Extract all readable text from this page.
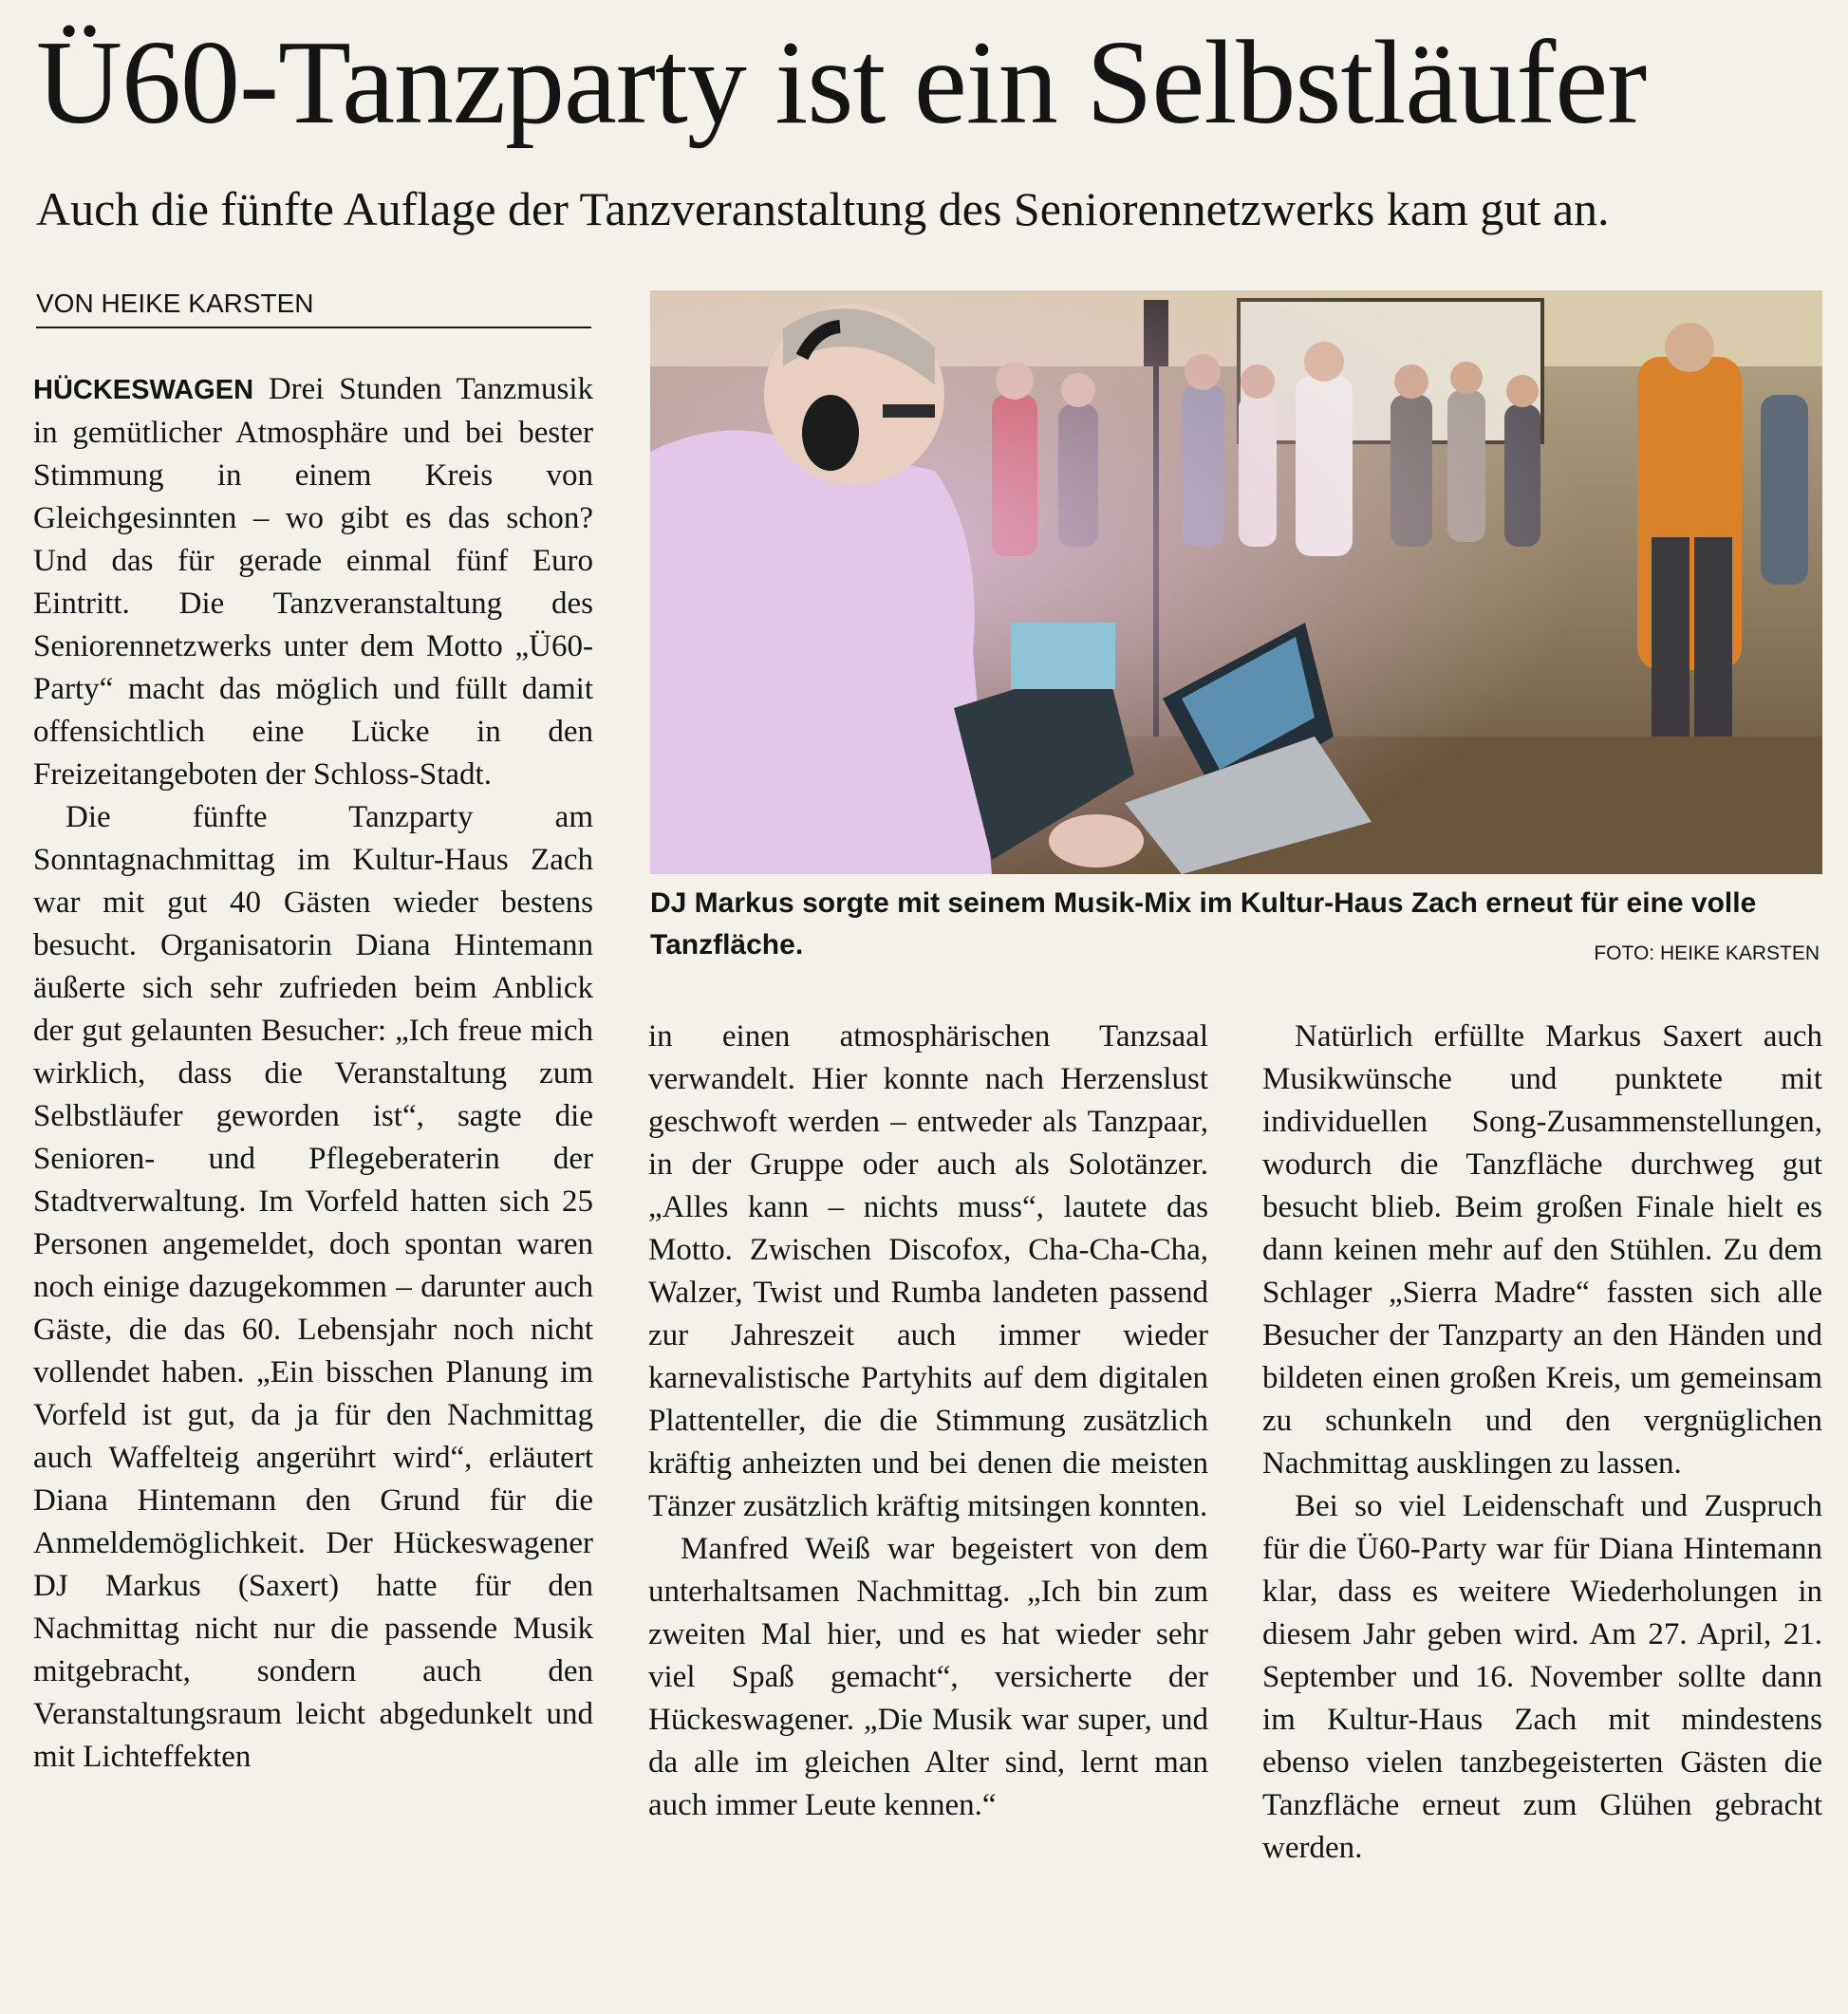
Ü60-Tanzparty ist ein Selbstläufer
Auch die fünfte Auflage der Tanzveranstaltung des Seniorennetzwerks kam gut an.
VON HEIKE KARSTEN

HÜCKESWAGEN Drei Stunden Tanzmusik in gemütlicher Atmosphäre und bei bester Stimmung in einem Kreis von Gleichgesinnten – wo gibt es das schon? Und das für gerade einmal fünf Euro Eintritt. Die Tanzveranstaltung des Seniorennetzwerks unter dem Motto „Ü60-Party“ macht das möglich und füllt damit offensichtlich eine Lücke in den Freizeitangeboten der Schloss-Stadt.

Die fünfte Tanzparty am Sonntagnachmittag im Kultur-Haus Zach war mit gut 40 Gästen wieder bestens besucht. Organisatorin Diana Hintemann äußerte sich sehr zufrieden beim Anblick der gut gelaunten Besucher: „Ich freue mich wirklich, dass die Veranstaltung zum Selbstläufer geworden ist“, sagte die Senioren- und Pflegeberaterin der Stadtverwaltung. Im Vorfeld hatten sich 25 Personen angemeldet, doch spontan waren noch einige dazugekommen – darunter auch Gäste, die das 60. Lebensjahr noch nicht vollendet haben. „Ein bisschen Planung im Vorfeld ist gut, da ja für den Nachmittag auch Waffelteig angerührt wird“, erläutert Diana Hintemann den Grund für die Anmeldemöglichkeit. Der Hückeswagener DJ Markus (Saxert) hatte für den Nachmittag nicht nur die passende Musik mitgebracht, sondern auch den Veranstaltungsraum leicht abgedunkelt und mit Lichteffekten

DJ Markus sorgte mit seinem Musik-Mix im Kultur-Haus Zach erneut für eine volle Tanzfläche.	FOTO: HEIKE KARSTEN

in einen atmosphärischen Tanzsaal verwandelt. Hier konnte nach Herzenslust geschwoft werden – entweder als Tanzpaar, in der Gruppe oder auch als Solotänzer. „Alles kann – nichts muss“, lautete das Motto. Zwischen Discofox, Cha-Cha-Cha, Walzer, Twist und Rumba landeten passend zur Jahreszeit auch immer wieder karnevalistische Partyhits auf dem digitalen Plattenteller, die die Stimmung zusätzlich kräftig anheizten und bei denen die meisten Tänzer zusätzlich kräftig mitsingen konnten.

Manfred Weiß war begeistert von dem unterhaltsamen Nachmittag. „Ich bin zum zweiten Mal hier, und es hat wieder sehr viel Spaß gemacht“, versicherte der Hückeswagener. „Die Musik war super, und da alle im gleichen Alter sind, lernt man auch immer Leute kennen.“

Natürlich erfüllte Markus Saxert auch Musikwünsche und punktete mit individuellen Song-Zusammenstellungen, wodurch die Tanzfläche durchweg gut besucht blieb. Beim großen Finale hielt es dann keinen mehr auf den Stühlen. Zu dem Schlager „Sierra Madre“ fassten sich alle Besucher der Tanzparty an den Händen und bildeten einen großen Kreis, um gemeinsam zu schunkeln und den vergnüglichen Nachmittag ausklingen zu lassen.

Bei so viel Leidenschaft und Zuspruch für die Ü60-Party war für Diana Hintemann klar, dass es weitere Wiederholungen in diesem Jahr geben wird. Am 27. April, 21. September und 16. November sollte dann im Kultur-Haus Zach mit mindestens ebenso vielen tanzbegeisterten Gästen die Tanzfläche erneut zum Glühen gebracht werden.
